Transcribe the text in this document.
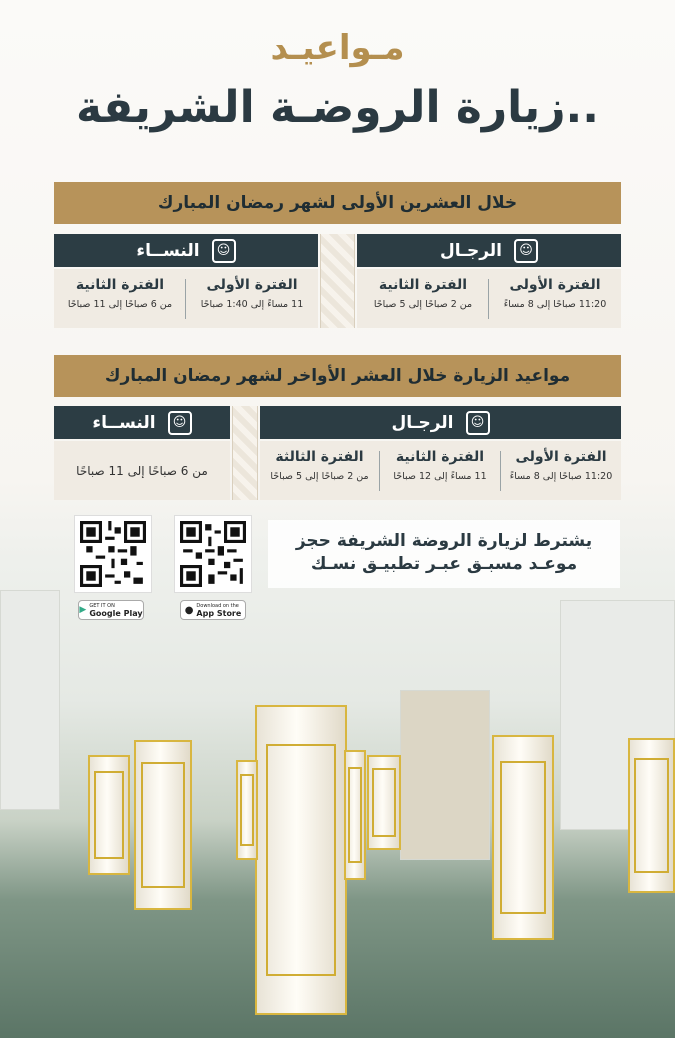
مـواعيـد
زيارة الروضـة الشريفة..
خلال العشرين الأولى لشهر رمضان المبارك
☺
الرجـال
☺
النســاء
الفترة الأولى
11:20 صباحًا إلى 8 مساءً
الفترة الثانية
من 2 صباحًا إلى 5 صباحًا
الفترة الأولى
11 مساءً إلى 1:40 صباحًا
الفترة الثانية
من 6 صباحًا إلى 11 صباحًا
مواعيد الزيارة خلال العشر الأواخر لشهر رمضان المبارك
☺
الرجـال
☺
النســاء
الفترة الأولى
11:20 صباحًا إلى 8 مساءً
الفترة الثانية
11 مساءً إلى 12 صباحًا
الفترة الثالثة
من 2 صباحًا إلى 5 صباحًا
من 6 صباحًا إلى 11 صباحًا
يشترط لزيارة الروضة الشريفة حجز
موعـد مسبـق عبـر تطبيـق نسـك
● Download on the
App Store
▶ GET IT ON
Google Play
